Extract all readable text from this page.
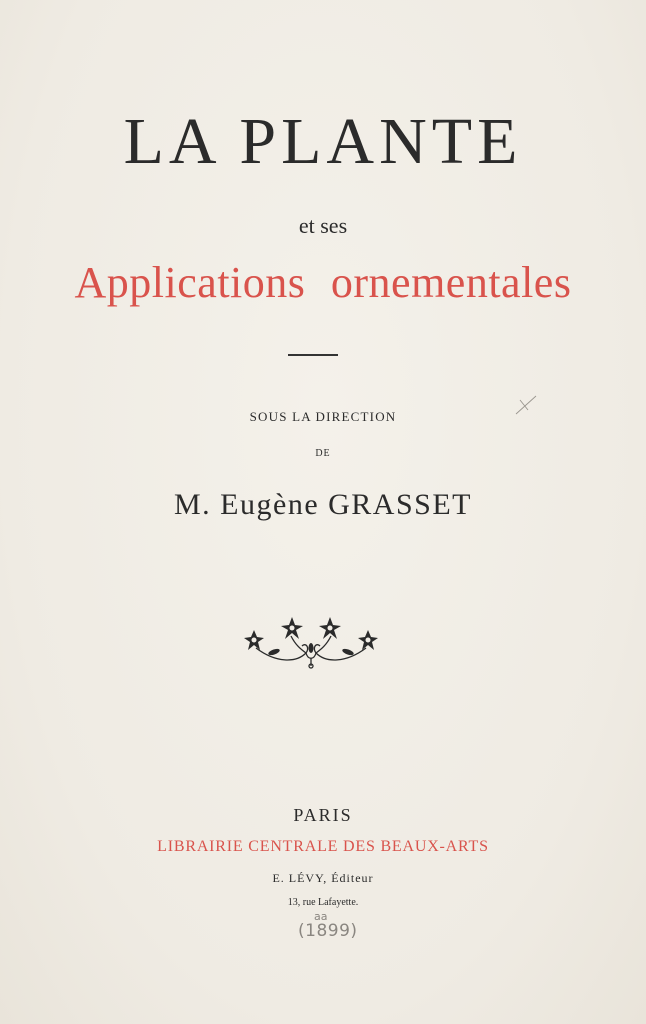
LA PLANTE
et ses
Applications ornementales
SOUS LA DIRECTION
DE
M. Eugène GRASSET
PARIS
LIBRAIRIE CENTRALE DES BEAUX-ARTS
E. LÉVY, Éditeur
13, rue Lafayette.
aa
(1899)
